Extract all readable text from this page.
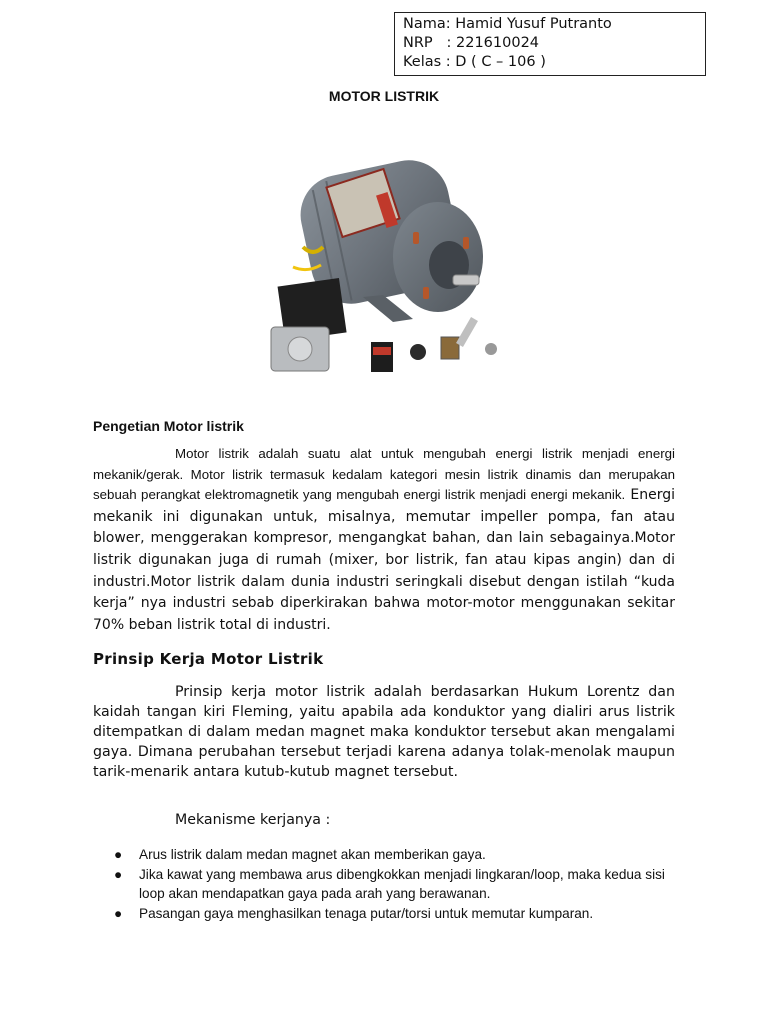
Nama: Hamid Yusuf Putranto
NRP   : 221610024
Kelas : D ( C – 106 )
MOTOR LISTRIK
Pengetian Motor listrik

Motor listrik adalah suatu alat untuk mengubah energi listrik menjadi energi mekanik/gerak. Motor listrik termasuk kedalam kategori mesin listrik dinamis dan merupakan sebuah perangkat elektromagnetik yang mengubah energi listrik menjadi energi mekanik. Energi mekanik ini digunakan untuk, misalnya, memutar impeller pompa, fan atau blower, menggerakan kompresor, mengangkat bahan, dan lain sebagainya.Motor listrik digunakan juga di rumah (mixer, bor listrik, fan atau kipas angin) dan di industri.Motor listrik dalam dunia industri seringkali disebut dengan istilah “kuda kerja” nya industri sebab diperkirakan bahwa motor-motor menggunakan sekitar 70% beban listrik total di industri.

Prinsip Kerja Motor Listrik

Prinsip kerja motor listrik adalah berdasarkan Hukum Lorentz dan kaidah tangan kiri Fleming, yaitu apabila ada konduktor yang dialiri arus listrik ditempatkan di dalam medan magnet maka konduktor tersebut akan mengalami gaya. Dimana perubahan tersebut terjadi karena adanya tolak-menolak maupun tarik-menarik antara kutub-kutub magnet tersebut.

Mekanisme kerjanya :
● Arus listrik dalam medan magnet akan memberikan gaya.
● Jika kawat yang membawa arus dibengkokkan menjadi lingkaran/loop, maka kedua sisi loop akan mendapatkan gaya pada arah yang berawanan.
● Pasangan gaya menghasilkan tenaga putar/torsi untuk memutar kumparan.
